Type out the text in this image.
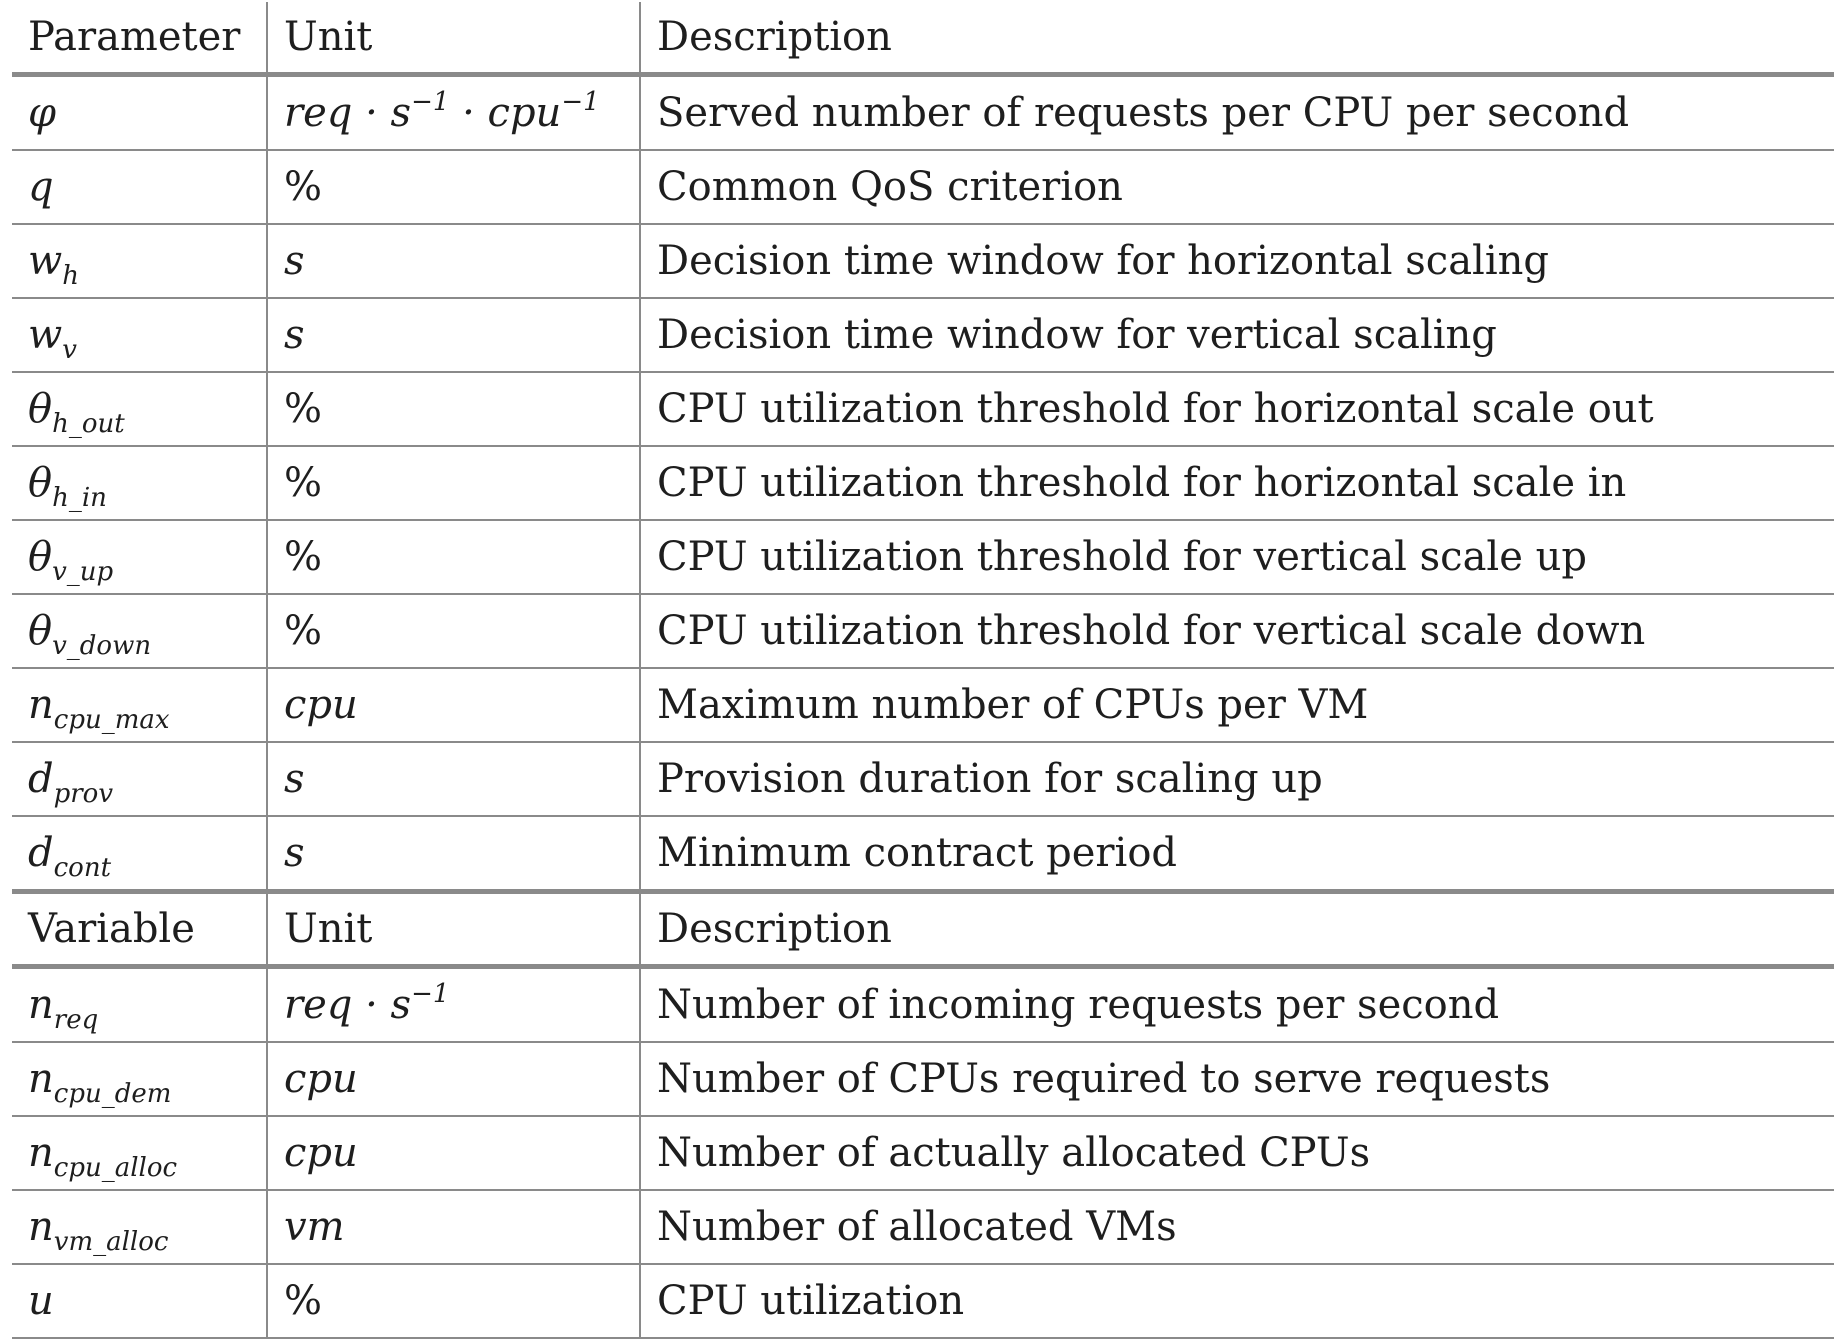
Parameter	Unit	Description
φ	req · $s^{-1} \cdot cpu^{-1}$	Served number of requests per CPU per second
q	%	Common QoS criterion
$w_h$	s	Decision time window for horizontal scaling
$w_v$	s	Decision time window for vertical scaling
$\theta_{h\_out}$	%	CPU utilization threshold for horizontal scale out
$\theta_{h\_in}$	%	CPU utilization threshold for horizontal scale in
$\theta_{v\_up}$	%	CPU utilization threshold for vertical scale up
$\theta_{v\_down}$	%	CPU utilization threshold for vertical scale down
$n_{cpu\_max}$	cpu	Maximum number of CPUs per VM
$d_{prov}$	s	Provision duration for scaling up
$d_{cont}$	s	Minimum contract period
Variable	Unit	Description
$n_{req}$	req · $s^{-1}$	Number of incoming requests per second
$n_{cpu\_dem}$	cpu	Number of CPUs required to serve requests
$n_{cpu\_alloc}$	cpu	Number of actually allocated CPUs
$n_{vm\_alloc}$	vm	Number of allocated VMs
u	%	CPU utilization
